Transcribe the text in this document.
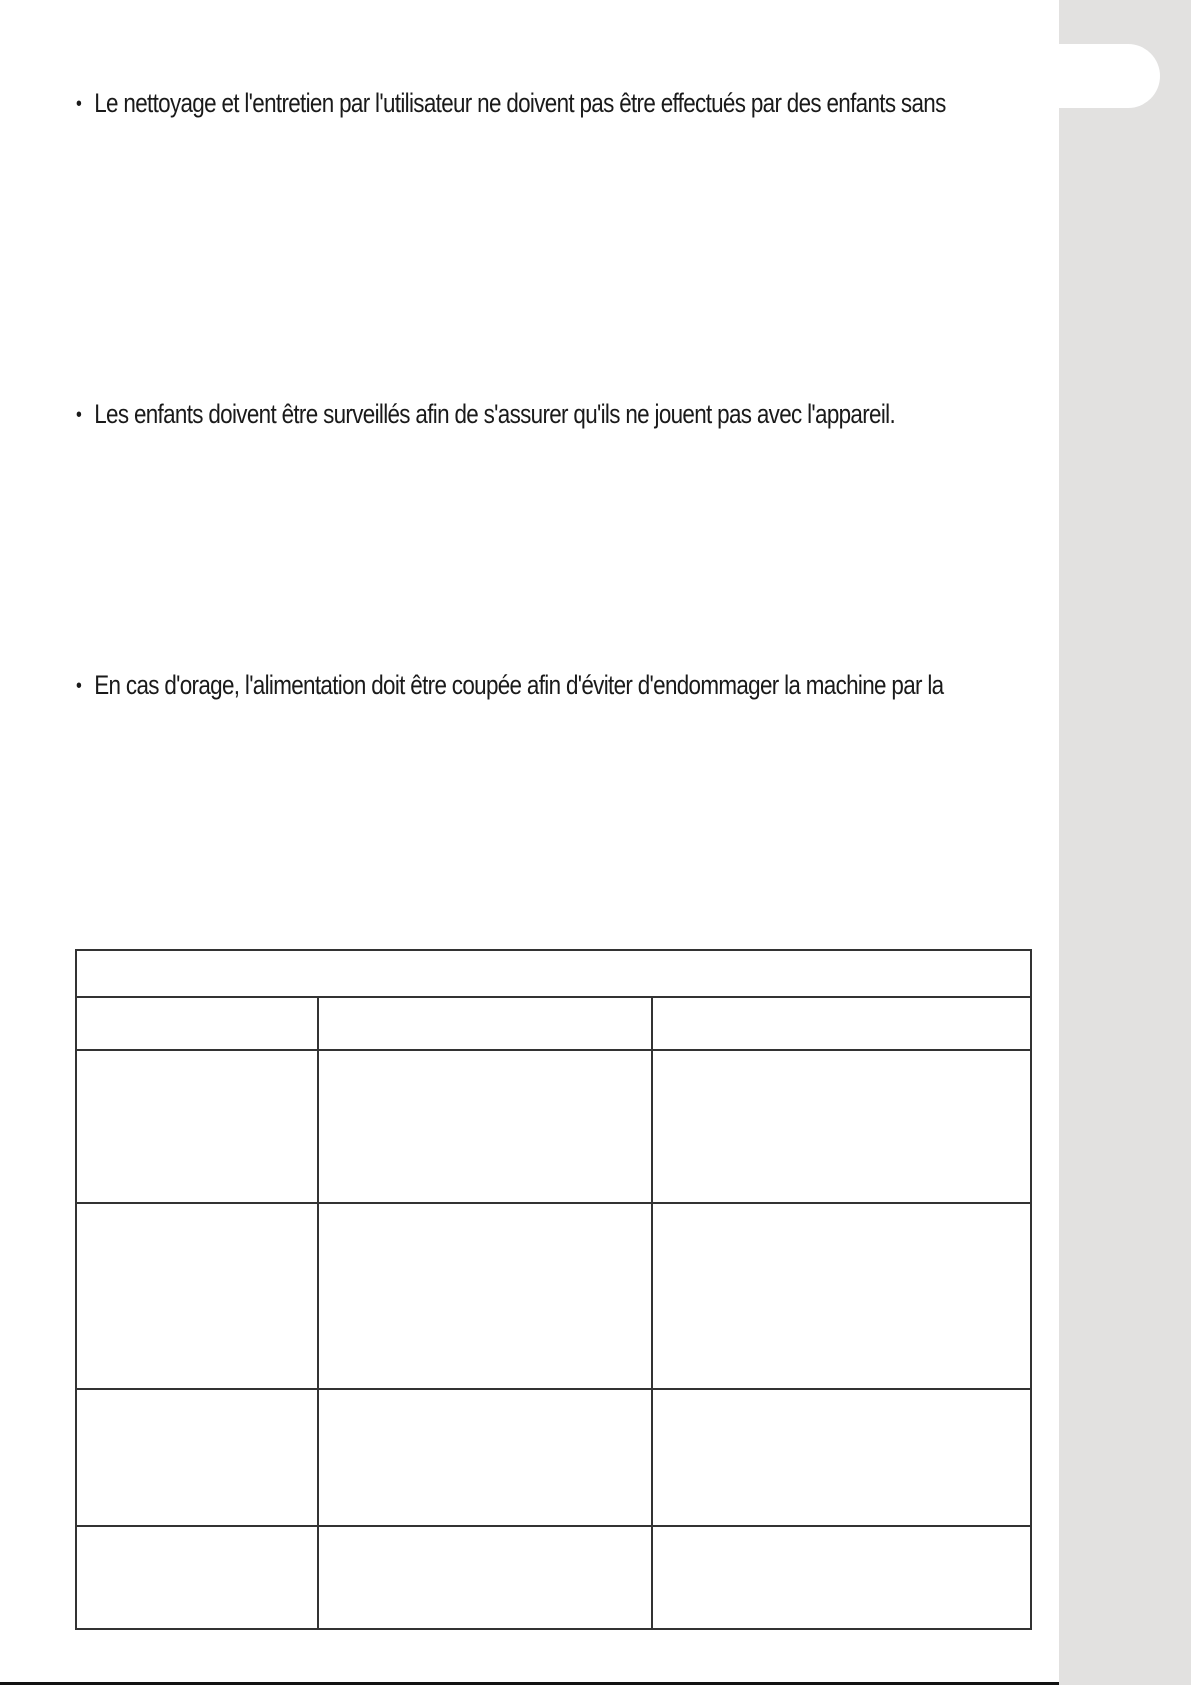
• Le nettoyage et l'entretien par l'utilisateur ne doivent pas être effectués par des enfants sans
• Les enfants doivent être surveillés afin de s'assurer qu'ils ne jouent pas avec l'appareil.
• En cas d'orage, l'alimentation doit être coupée afin d'éviter d'endommager la machine par la
